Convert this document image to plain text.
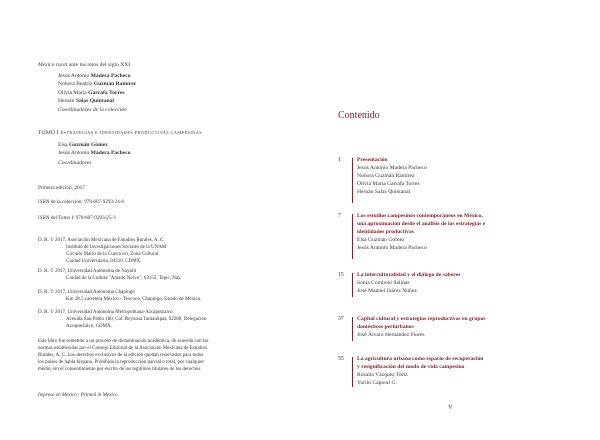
México rural ante los retos del siglo XXI
Jesús Antonio Madera Pacheco
Nohora Beatriz Guzmán Ramírez
Olivia María Garrafa Torres
Hernán Salas Quintanal
Coordinadores de la colección
TOMO I ESTRATEGIAS E IDENTIDADES PRODUCTIVAS CAMPESINAS
Elsa Guzmán Gómez
Jesús Antonio Madera Pacheco
Coordinadores
Primera edición, 2017
ISBN de la colección: 978-607-9293-24-6
ISBN del Tomo I: 978-607-9293-25-3
D. R. © 2017, Asociación Mexicana de Estudios Rurales, A. C.
Instituto de Investigaciones Sociales de la UNAM
Circuito Mario de la Cueva s/n, Zona Cultural
Ciudad Universitaria, 04510, CDMX.
D. R. © 2017, Universidad Autónoma de Nayarit
Ciudad de la Cultura "Amado Nervo", 63155, Tepic, Nay.
D. R. © 2017, Universidad Autónoma Chapingo
Km 38.5 carretera México - Texcoco, Chapingo, Estado de México.
D. R. © 2017, Universidad Autónoma Metropolitana-Azcapotzalco
Avenida San Pablo 180, Col. Reynosa Tamaulipas, 02200, Delegación
Azcapotzalco, CDMX.
Este libro fue sometido a un proceso de dictaminación académica, de acuerdo con las
normas establecidas por el Consejo Editorial de la Asociación Mexicana de Estudios
Rurales, A. C. Los derechos exclusivos de la edición quedan reservados para todos
los países de habla hispana. Prohibida la reproducción parcial o total, por cualquier
medio, sin el consentimiento por escrito de los legítimos titulares de los derechos.
Impreso en México | Printed in Mexico
Contenido
1	Presentación
Jesús Antonio Madera Pacheco
Nohora Guzmán Ramírez
Olivia María Garrafa Torres
Hernán Salas Quintanal
7	Los estudios campesinos contemporáneos en México,
una aproximación desde el análisis de las estrategias e
identidades productivas
Elsa Guzmán Gómez
Jesús Antonio Madera Pacheco
15 La interculturalidad y el diálogo de saberes
Sonia Comboni Salinas
José Manuel Juárez Núñez
37 Capital cultural y estrategias reproductivas en grupos
domésticos periurbanos
José Álvaro Hernández Flores
55 La agricultura urbana como espacio de recuperación
y resignificación del modo de vida campesino
Rosalía Vázquez Toríz
Yuribí Caporal G.
V
